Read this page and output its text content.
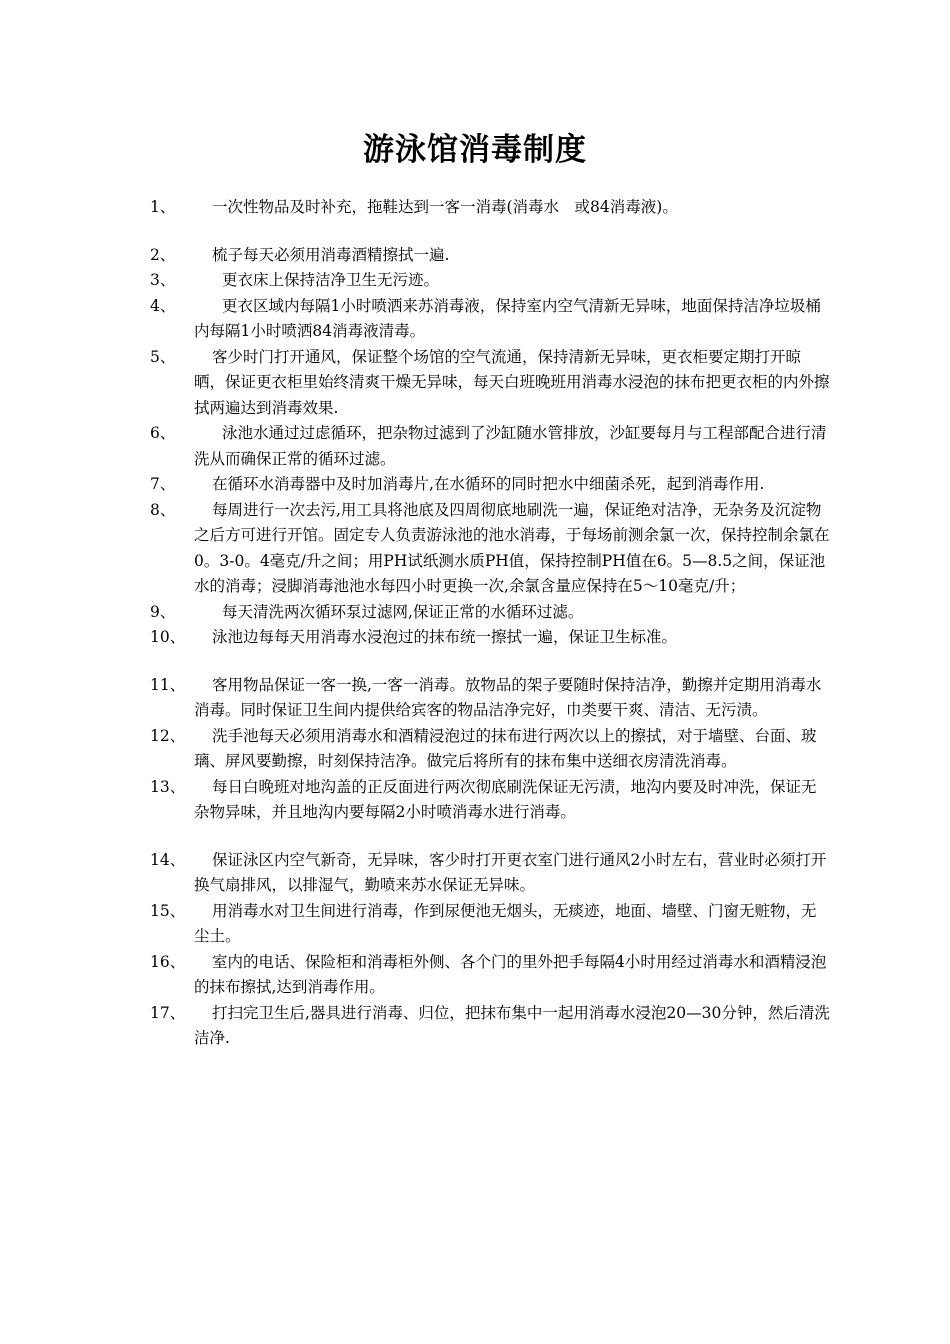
游泳馆消毒制度
1、	一次性物品及时补充，拖鞋达到一客一消毒(消毒水　或84消毒液)。
2、	梳子每天必须用消毒酒精擦拭一遍.
3、	更衣床上保持洁净卫生无污迹。
4、	更衣区域内每隔1小时喷洒来苏消毒液，保持室内空气清新无异味，地面保持洁净垃圾桶内每隔1小时喷洒84消毒液清毒。
5、	客少时门打开通风，保证整个场馆的空气流通，保持清新无异味，更衣柜要定期打开晾晒，保证更衣柜里始终清爽干燥无异味，每天白班晚班用消毒水浸泡的抹布把更衣柜的内外擦拭两遍达到消毒效果.
6、	泳池水通过过虑循环，把杂物过滤到了沙缸随水管排放，沙缸要每月与工程部配合进行清洗从而确保正常的循环过滤。
7、	在循环水消毒器中及时加消毒片,在水循环的同时把水中细菌杀死，起到消毒作用.
8、	每周进行一次去污,用工具将池底及四周彻底地刷洗一遍，保证绝对洁净，无杂务及沉淀物之后方可进行开馆。固定专人负责游泳池的池水消毒，于每场前测余氯一次，保持控制余氯在0。3-0。4毫克/升之间；用PH试纸测水质PH值，保持控制PH值在6。5—8.5之间，保证池水的消毒；浸脚消毒池池水每四小时更换一次,余氯含量应保持在5～10毫克/升；
9、	每天清洗两次循环泵过滤网,保证正常的水循环过滤。
10、	泳池边每每天用消毒水浸泡过的抹布统一擦拭一遍，保证卫生标准。
11、	客用物品保证一客一换,一客一消毒。放物品的架子要随时保持洁净，勤擦并定期用消毒水消毒。同时保证卫生间内提供给宾客的物品洁净完好，巾类要干爽、清洁、无污渍。
12、	洗手池每天必须用消毒水和酒精浸泡过的抹布进行两次以上的擦拭，对于墙壁、台面、玻璃、屏风要勤擦，时刻保持洁净。做完后将所有的抹布集中送细衣房清洗消毒。
13、	每日白晚班对地沟盖的正反面进行两次彻底刷洗保证无污渍，地沟内要及时冲洗，保证无杂物异味，并且地沟内要每隔2小时喷消毒水进行消毒。
14、	保证泳区内空气新奇，无异味，客少时打开更衣室门进行通风2小时左右，营业时必须打开换气扇排风，以排湿气，勤喷来苏水保证无异味。
15、	用消毒水对卫生间进行消毒，作到尿便池无烟头，无痰迹，地面、墙壁、门窗无赃物，无尘土。
16、	室内的电话、保险柜和消毒柜外侧、各个门的里外把手每隔4小时用经过消毒水和酒精浸泡的抹布擦拭,达到消毒作用。
17、	打扫完卫生后,器具进行消毒、归位，把抹布集中一起用消毒水浸泡20—30分钟，然后清洗洁净.
